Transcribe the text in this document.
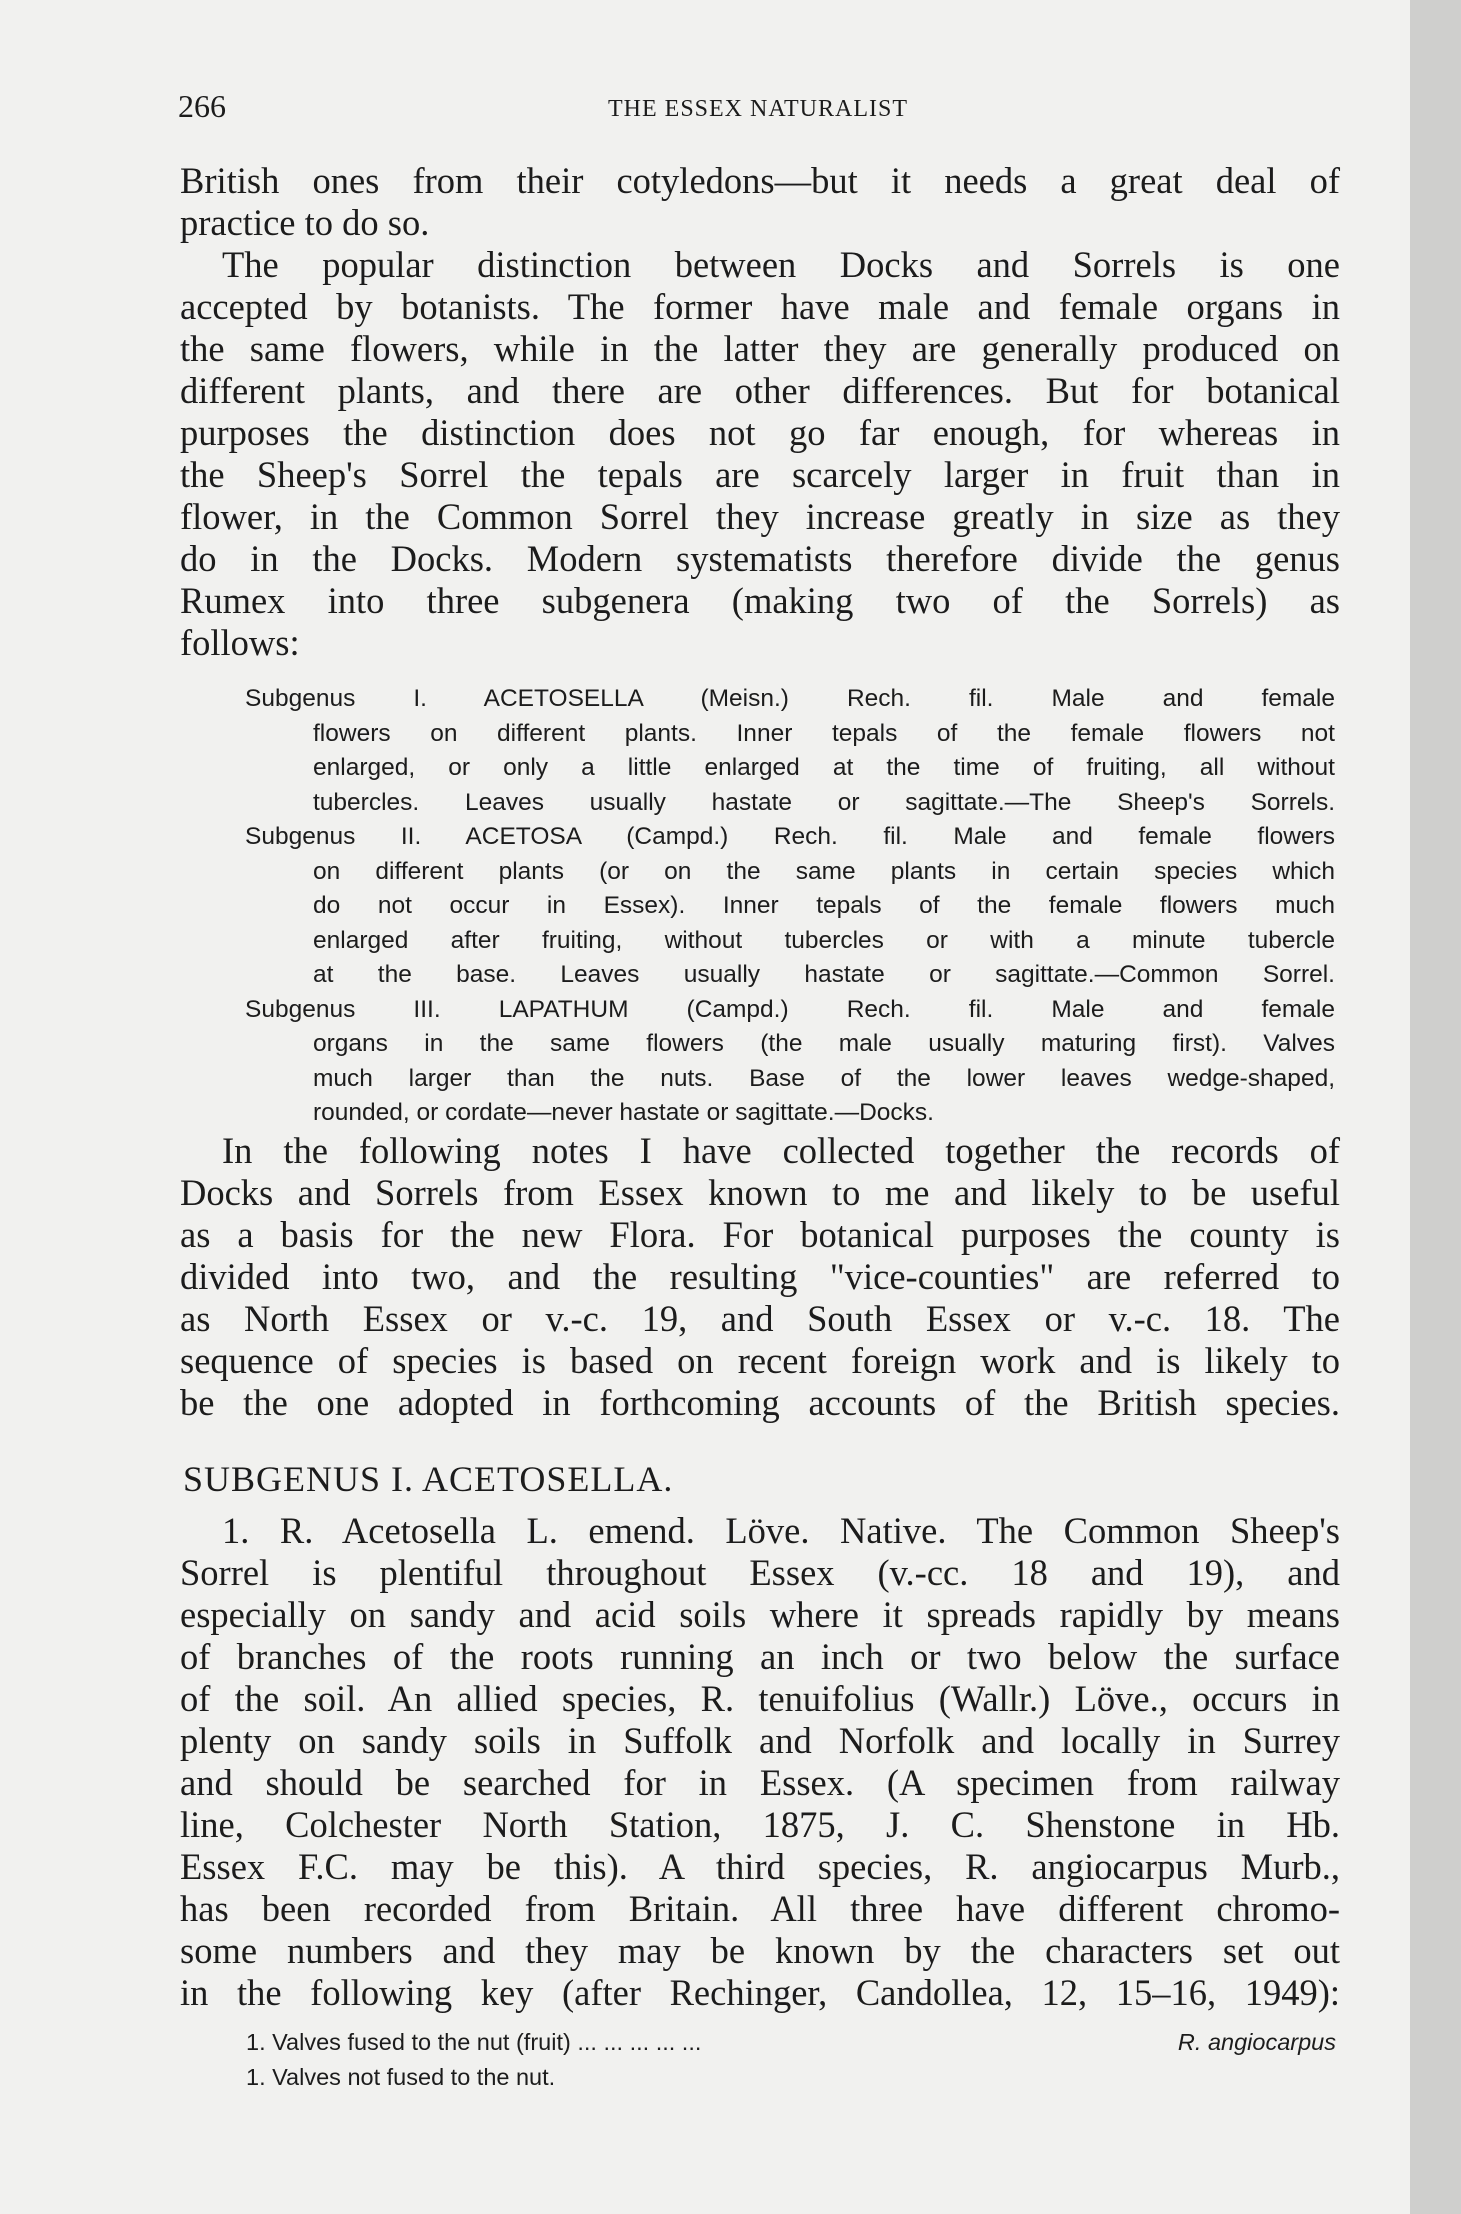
266	THE ESSEX NATURALIST
British ones from their cotyledons—but it needs a great deal of
practice to do so.
The popular distinction between Docks and Sorrels is one
accepted by botanists. The former have male and female organs in
the same flowers, while in the latter they are generally produced on
different plants, and there are other differences. But for botanical
purposes the distinction does not go far enough, for whereas in
the Sheep's Sorrel the tepals are scarcely larger in fruit than in
flower, in the Common Sorrel they increase greatly in size as they
do in the Docks. Modern systematists therefore divide the genus
Rumex into three subgenera (making two of the Sorrels) as
follows:
Subgenus I. ACETOSELLA (Meisn.) Rech. fil. Male and female
flowers on different plants. Inner tepals of the female flowers not
enlarged, or only a little enlarged at the time of fruiting, all without
tubercles. Leaves usually hastate or sagittate.—The Sheep's Sorrels.
Subgenus II. ACETOSA (Campd.) Rech. fil. Male and female flowers
on different plants (or on the same plants in certain species which
do not occur in Essex). Inner tepals of the female flowers much
enlarged after fruiting, without tubercles or with a minute tubercle
at the base. Leaves usually hastate or sagittate.—Common Sorrel.
Subgenus III. LAPATHUM (Campd.) Rech. fil. Male and female
organs in the same flowers (the male usually maturing first). Valves
much larger than the nuts. Base of the lower leaves wedge-shaped,
rounded, or cordate—never hastate or sagittate.—Docks.
In the following notes I have collected together the records of
Docks and Sorrels from Essex known to me and likely to be useful
as a basis for the new Flora. For botanical purposes the county is
divided into two, and the resulting "vice-counties" are referred to
as North Essex or v.-c. 19, and South Essex or v.-c. 18. The
sequence of species is based on recent foreign work and is likely to
be the one adopted in forthcoming accounts of the British species.
SUBGENUS I. ACETOSELLA.
1. R. Acetosella L. emend. Löve. Native. The Common Sheep's
Sorrel is plentiful throughout Essex (v.-cc. 18 and 19), and
especially on sandy and acid soils where it spreads rapidly by means
of branches of the roots running an inch or two below the surface
of the soil. An allied species, R. tenuifolius (Wallr.) Löve., occurs in
plenty on sandy soils in Suffolk and Norfolk and locally in Surrey
and should be searched for in Essex. (A specimen from railway
line, Colchester North Station, 1875, J. C. Shenstone in Hb.
Essex F.C. may be this). A third species, R. angiocarpus Murb.,
has been recorded from Britain. All three have different chromo-
some numbers and they may be known by the characters set out
in the following key (after Rechinger, Candollea, 12, 15–16, 1949):
1. Valves fused to the nut (fruit) ... ... ... ... ...	R. angiocarpus
1. Valves not fused to the nut.
